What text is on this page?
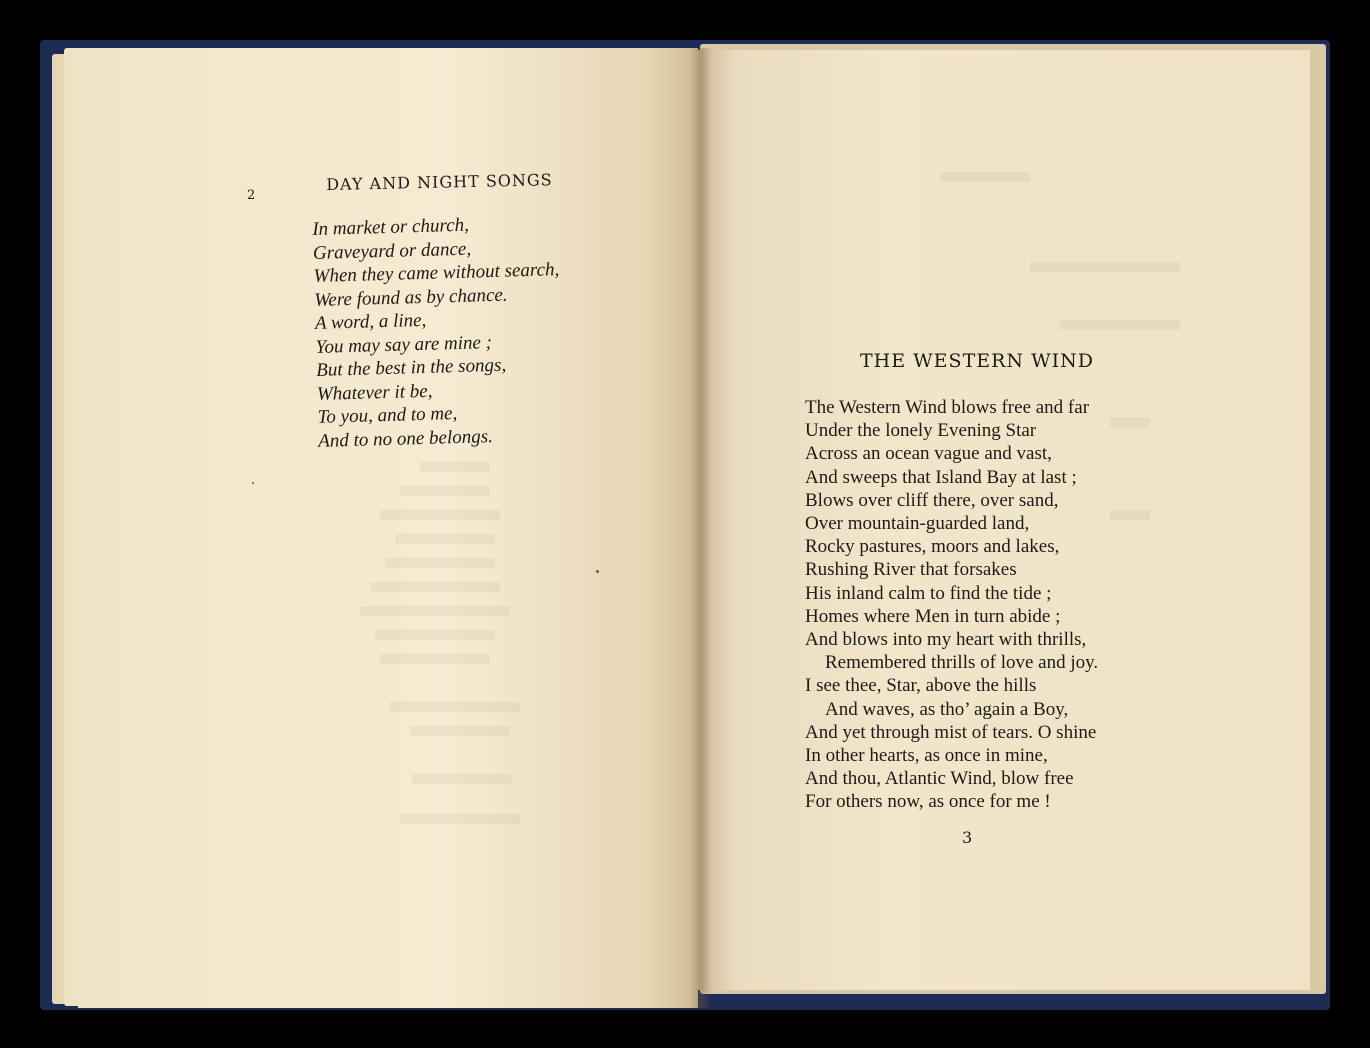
2
DAY AND NIGHT SONGS
In market or church,
Graveyard or dance,
When they came without search,
Were found as by chance.
A word, a line,
You may say are mine ;
But the best in the songs,
Whatever it be,
To you, and to me,
And to no one belongs.
THE WESTERN WIND
The Western Wind blows free and far
Under the lonely Evening Star
Across an ocean vague and vast,
And sweeps that Island Bay at last ;
Blows over cliff there, over sand,
Over mountain-guarded land,
Rocky pastures, moors and lakes,
Rushing River that forsakes
His inland calm to find the tide ;
Homes where Men in turn abide ;
And blows into my heart with thrills,
Remembered thrills of love and joy.
I see thee, Star, above the hills
And waves, as tho’ again a Boy,
And yet through mist of tears. O shine
In other hearts, as once in mine,
And thou, Atlantic Wind, blow free
For others now, as once for me !
3
